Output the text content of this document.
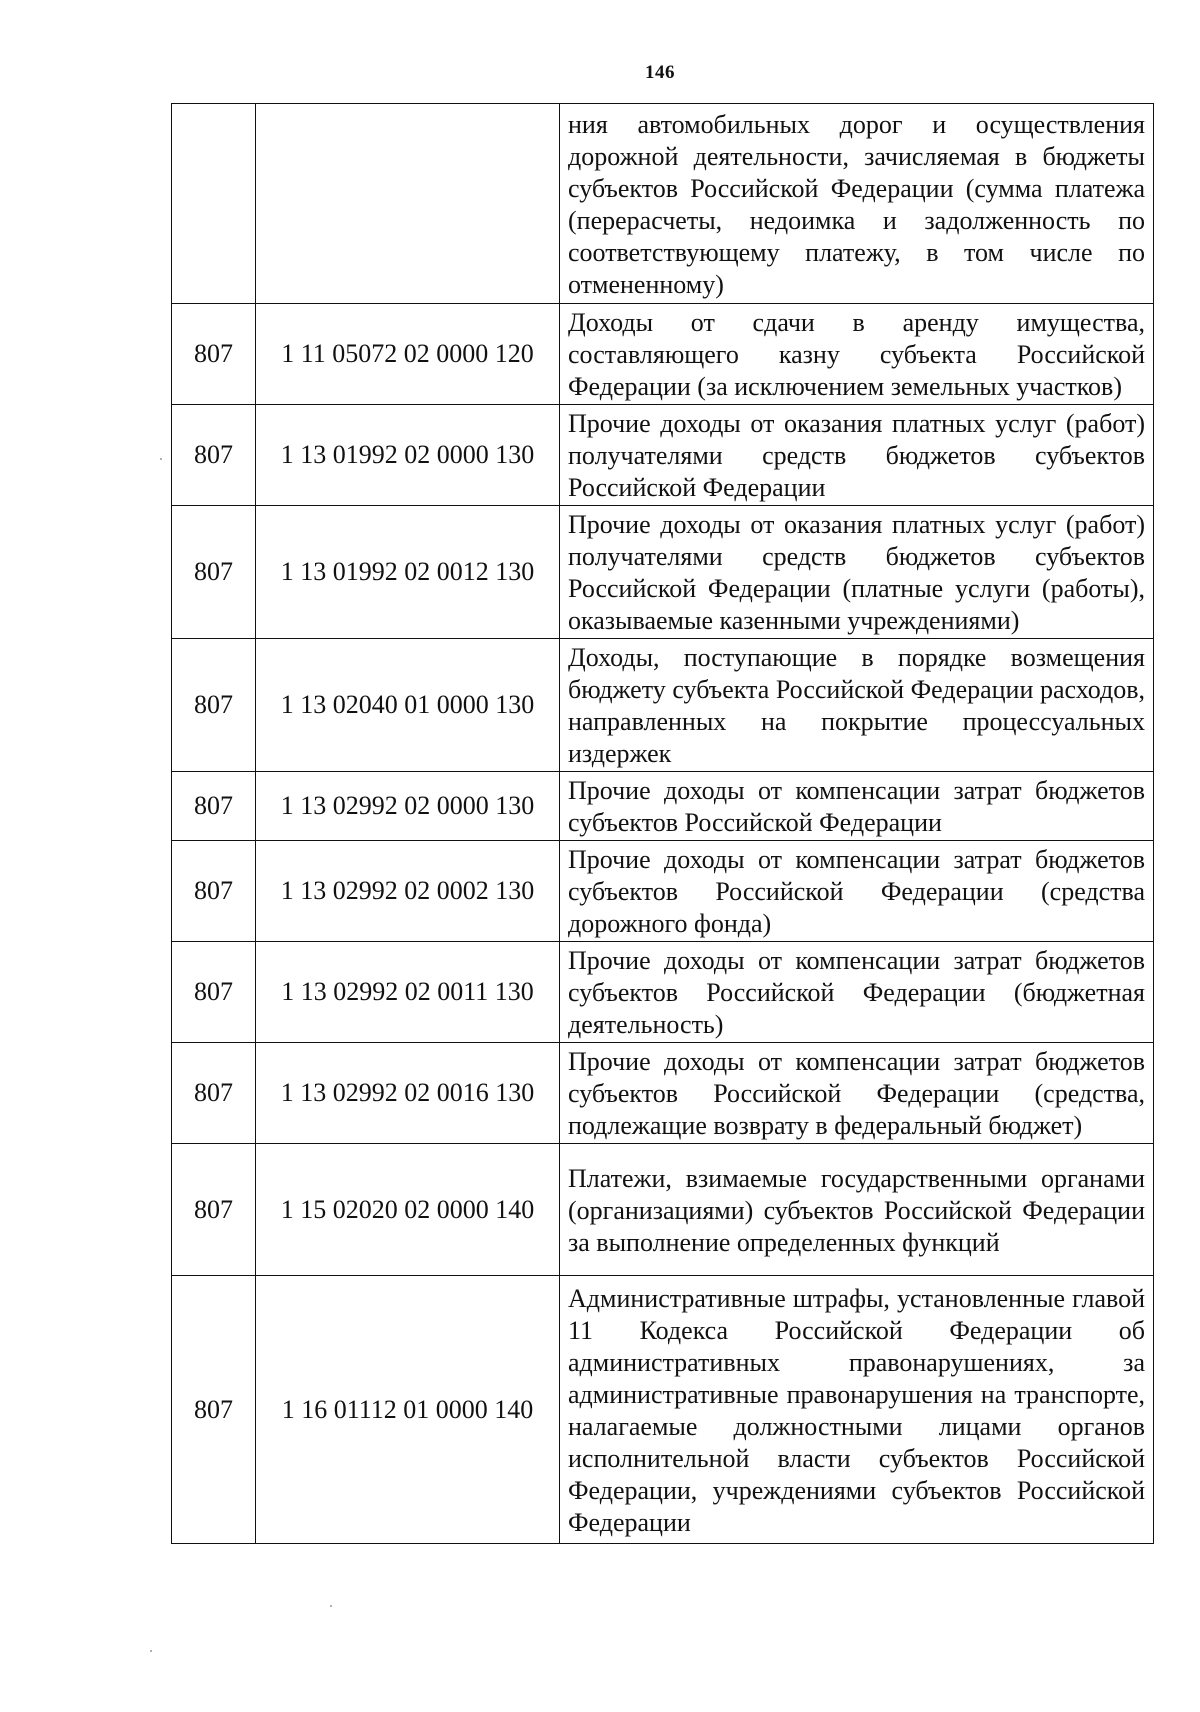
146
		ния автомобильных дорог и осуществления дорожной деятельности, зачисляемая в бюджеты субъектов Российской Федерации (сумма платежа (перерасчеты, недоимка и задолженность по соответствующему платежу, в том числе по отмененному)
807	1 11 05072 02 0000 120	Доходы от сдачи в аренду имущества, составляющего казну субъекта Российской Федерации (за исключением земельных участков)
807	1 13 01992 02 0000 130	Прочие доходы от оказания платных услуг (работ) получателями средств бюджетов субъектов Российской Федерации
807	1 13 01992 02 0012 130	Прочие доходы от оказания платных услуг (работ) получателями средств бюджетов субъектов Российской Федерации (платные услуги (работы), оказываемые казенными учреждениями)
807	1 13 02040 01 0000 130	Доходы, поступающие в порядке возмещения бюджету субъекта Российской Федерации расходов, направленных на покрытие процессуальных издержек
807	1 13 02992 02 0000 130	Прочие доходы от компенсации затрат бюджетов субъектов Российской Федерации
807	1 13 02992 02 0002 130	Прочие доходы от компенсации затрат бюджетов субъектов Российской Федерации (средства дорожного фонда)
807	1 13 02992 02 0011 130	Прочие доходы от компенсации затрат бюджетов субъектов Российской Федерации (бюджетная деятельность)
807	1 13 02992 02 0016 130	Прочие доходы от компенсации затрат бюджетов субъектов Российской Федерации (средства, подлежащие возврату в федеральный бюджет)
807	1 15 02020 02 0000 140	Платежи, взимаемые государственными органами (организациями) субъектов Российской Федерации за выполнение определенных функций
807	1 16 01112 01 0000 140	Административные штрафы, установленные главой 11 Кодекса Российской Федерации об административных правонарушениях, за административные правонарушения на транспорте, налагаемые должностными лицами органов исполнительной власти субъектов Российской Федерации, учреждениями субъектов Российской Федерации
